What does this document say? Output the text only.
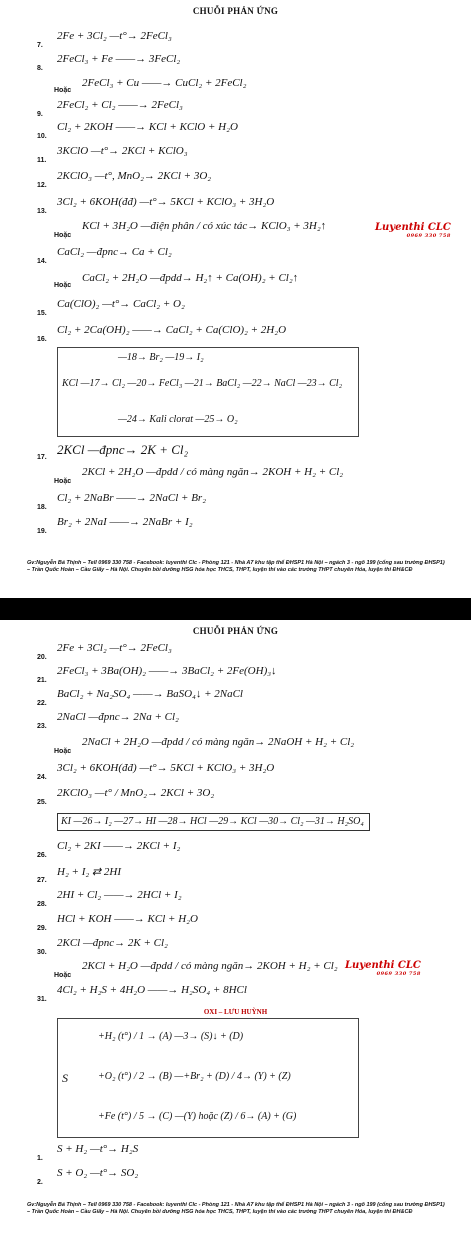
CHUỖI PHẢN ỨNG
7.
2Fe + 3Cl₂ —t°→ 2FeCl₃
8.
2FeCl₃ + Fe ——→ 3FeCl₂
Hoặc
2FeCl₃ + Cu ——→ CuCl₂ + 2FeCl₂
9.
2FeCl₂ + Cl₂ ——→ 2FeCl₃
10.
Cl₂ + 2KOH ——→ KCl + KClO + H₂O
11.
3KClO —t°→ 2KCl + KClO₃
12.
2KClO₃ —t°, MnO₂→ 2KCl + 3O₂
13.
3Cl₂ + 6KOH(đđ) —t°→ 5KCl + KClO₃ + 3H₂O
Hoặc
KCl + 3H₂O —điện phân / có xúc tác→ KClO₃ + 3H₂↑	Luyenthi CLC
0969 330 758
14.
CaCl₂ —đpnc→ Ca + Cl₂
Hoặc
CaCl₂ + 2H₂O —đpdd→ H₂↑ + Ca(OH)₂ + Cl₂↑
15.
Ca(ClO)₂ —t°→ CaCl₂ + O₂
16.
Cl₂ + 2Ca(OH)₂ ——→ CaCl₂ + Ca(ClO)₂ + 2H₂O
—18→ Br₂ —19→ I₂
KCl —17→ Cl₂ —20→ FeCl₃ —21→ BaCl₂ —22→ NaCl —23→ Cl₂
—24→ Kali clorat —25→ O₂
17.
2KCl —đpnc→ 2K + Cl₂
Hoặc
2KCl + 2H₂O —đpdd / có màng ngăn→ 2KOH + H₂ + Cl₂
18.
Cl₂ + 2NaBr ——→ 2NaCl + Br₂
19.
Br₂ + 2NaI ——→ 2NaBr + I₂
Gv:Nguyễn Bá Thịnh – Tell 0969 330 758 - Facebook: luyenthi Clc - Phòng 121 - Nhà A7 khu tập thể ĐHSP1 Hà Nội – ngách 3 - ngõ 199 (cổng sau trường ĐHSP1) – Trần Quốc Hoàn – Cầu Giấy – Hà Nội. Chuyên bồi dưỡng HSG hóa học THCS, THPT, luyện thi vào các trường THPT chuyên Hóa, luyện thi ĐH&CĐ
CHUỖI PHẢN ỨNG
20.
2Fe + 3Cl₂ —t°→ 2FeCl₃
21.
2FeCl₃ + 3Ba(OH)₂ ——→ 3BaCl₂ + 2Fe(OH)₃↓
22.
BaCl₂ + Na₂SO₄ ——→ BaSO₄↓ + 2NaCl
23.
2NaCl —đpnc→ 2Na + Cl₂
Hoặc
2NaCl + 2H₂O —đpdd / có màng ngăn→ 2NaOH + H₂ + Cl₂
24.
3Cl₂ + 6KOH(đđ) —t°→ 5KCl + KClO₃ + 3H₂O
25.
2KClO₃ —t° / MnO₂→ 2KCl + 3O₂
KI —26→ I₂ —27→ HI —28→ HCl —29→ KCl —30→ Cl₂ —31→ H₂SO₄
26.
Cl₂ + 2KI ——→ 2KCl + I₂
27.
H₂ + I₂ ⇄ 2HI
28.
2HI + Cl₂ ——→ 2HCl + I₂
29.
HCl + KOH ——→ KCl + H₂O
30.
2KCl —đpnc→ 2K + Cl₂
Hoặc
2KCl + H₂O —đpdd / có màng ngăn→ 2KOH + H₂ + Cl₂ Luyenthi CLC
0969 330 758
31.
4Cl₂ + H₂S + 4H₂O ——→ H₂SO₄ + 8HCl
OXI – LƯU HUỲNH
S
+H₂ (t°) / 1 → (A) —3→ (S)↓ + (D)
+O₂ (t°) / 2 → (B) —+Br₂ + (D) / 4→ (Y) + (Z)
+Fe (t°) / 5 → (C) —(Y) hoặc (Z) / 6→ (A) + (G)
1.
S + H₂ —t°→ H₂S
2.
S + O₂ —t°→ SO₂
Gv:Nguyễn Bá Thịnh – Tell 0969 330 758 - Facebook: luyenthi Clc - Phòng 121 - Nhà A7 khu tập thể ĐHSP1 Hà Nội – ngách 3 - ngõ 199 (cổng sau trường ĐHSP1) – Trần Quốc Hoàn – Cầu Giấy – Hà Nội. Chuyên bồi dưỡng HSG hóa học THCS, THPT, luyện thi vào các trường THPT chuyên Hóa, luyện thi ĐH&CĐ
